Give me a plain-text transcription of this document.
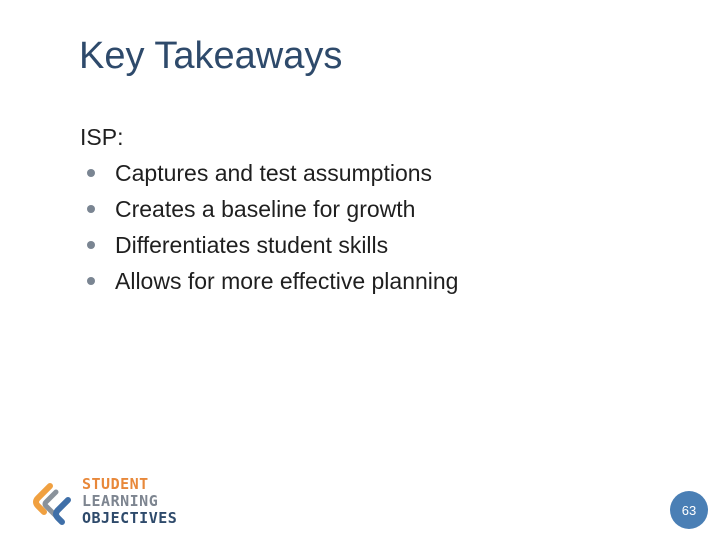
Key Takeaways
ISP:
Captures and test assumptions
Creates a baseline for growth
Differentiates student skills
Allows for more effective planning
STUDENT
LEARNING
OBJECTIVES	63
